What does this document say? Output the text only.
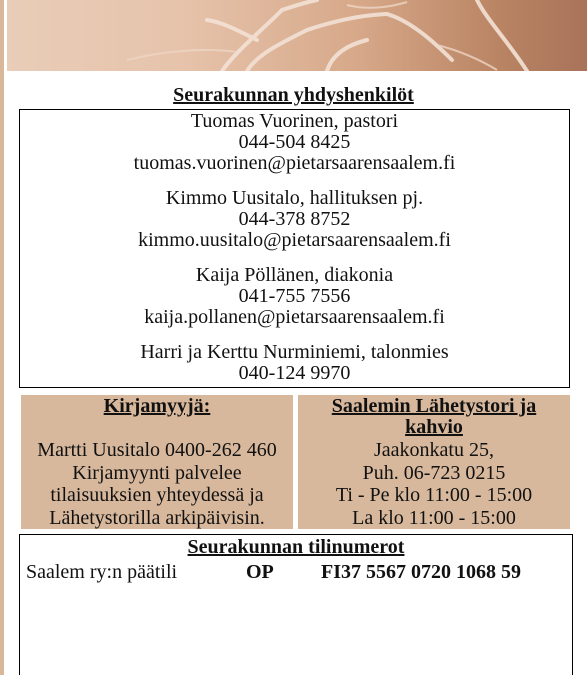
Seurakunnan yhdyshenkilöt
Tuomas Vuorinen, pastori
044-504 8425
tuomas.vuorinen@pietarsaarensaalem.fi
Kimmo Uusitalo, hallituksen pj.
044-378 8752
kimmo.uusitalo@pietarsaarensaalem.fi
Kaija Pöllänen, diakonia
041-755 7556
kaija.pollanen@pietarsaarensaalem.fi
Harri ja Kerttu Nurminiemi, talonmies
040-124 9970
Kirjamyyjä:
Martti Uusitalo 0400-262 460
Kirjamyynti palvelee
tilaisuuksien yhteydessä ja
Lähetystorilla arkipäivisin.
Saalemin Lähetystori ja
kahvio
Jaakonkatu 25,
Puh. 06-723 0215
Ti - Pe klo 11:00 - 15:00
La klo 11:00 - 15:00
Seurakunnan tilinumerot
Saalem ry:n päätili	OP FI37 5567 0720 1068 59
